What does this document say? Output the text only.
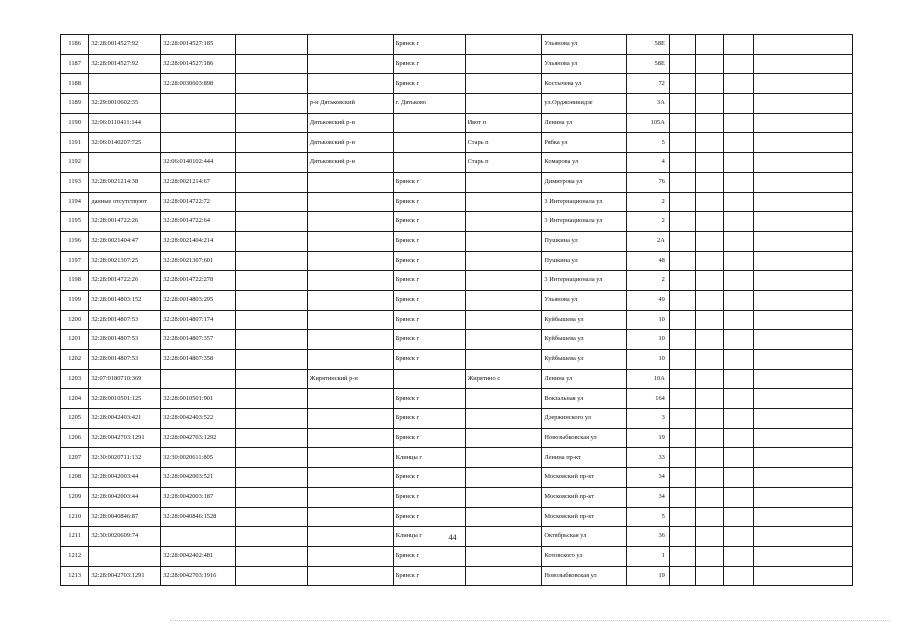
1186	32:28:0014527:92	32:28:0014527:185			Брянск г		Ульянова ул	58Е				
1187	32:28:0014527:92	32:28:0014527:186			Брянск г		Ульянова ул	58Е				
1188		32:28:0030603:898			Брянск г		Костычева ул	72				
1189	32:29:0010602:35			р-н Дятьковский	г. Дятьково		ул.Орджоникидзе	3А				
1190	32:06:0110411:144			Дятьковский р-н		Ивот п	Ленина ул	105А				
1191	32:06:0140207:725			Дятьковский р-н		Старь п	Рябка ул	5				
1192		32:06:0140102:444		Дятьковский р-н		Старь п	Комарова ул	4				
1193	32:28:0021214:38	32:28:0021214:67			Брянск г		Димитрова ул	76				
1194	данные отсутствуют	32:28:0014722:72			Брянск г		3 Интернационала ул	2				
1195	32:28:0014722:26	32:28:0014722:64			Брянск г		3 Интернационала ул	2				
1196	32:28:0021404:47	32:28:0021404:214			Брянск г		Пушкина ул	2А				
1197	32:28:0021307:25	32:28:0021307:601			Брянск г		Пушкина ул	48				
1198	32:28:0014722:26	32:28:0014722:278			Брянск г		3 Интернационала ул	2				
1199	32:28:0014803:152	32:28:0014803:295			Брянск г		Ульянова ул	49				
1200	32:28:0014807:53	32:28:0014807:174			Брянск г		Куйбышева ул	10				
1201	32:28:0014807:53	32:28:0014807:357			Брянск г		Куйбышева ул	10				
1202	32:28:0014807:53	32:28:0014807:358			Брянск г		Куйбышева ул	10				
1203	32:07:0180710:369			Жирятинский р-н		Жирятино с	Ленина ул	10А				
1204	32:28:0010501:125	32:28:0010501:901			Брянск г		Вокзальная ул	164				
1205	32:28:0042403:421	32:28:0042403:522			Брянск г		Дзержинского ул	3				
1206	32:28:0042703:1291	32:28:0042703:1292			Брянск г		Новозыбковская ул	19				
1207	32:30:0020711:132	32:30:0020611:805			Клинцы г		Ленина пр-кт	33				
1208	32:28:0042003:44	32:28:0042003:521			Брянск г		Московский пр-кт	34				
1209	32:28:0042003:44	32:28:0042003:187			Брянск г		Московский пр-кт	34				
1210	32:28:0040846:87	32:28:0040846:1528			Брянск г		Московский пр-кт	5				
1211	32:30:0020609:74				Клинцы г		Октябрьская ул	36				
1212		32:28:0042402:481			Брянск г		Котовского ул	1				
1213	32:28:0042703:1291	32:28:0042703:1916			Брянск г		Новозыбковская ул	19				
44
